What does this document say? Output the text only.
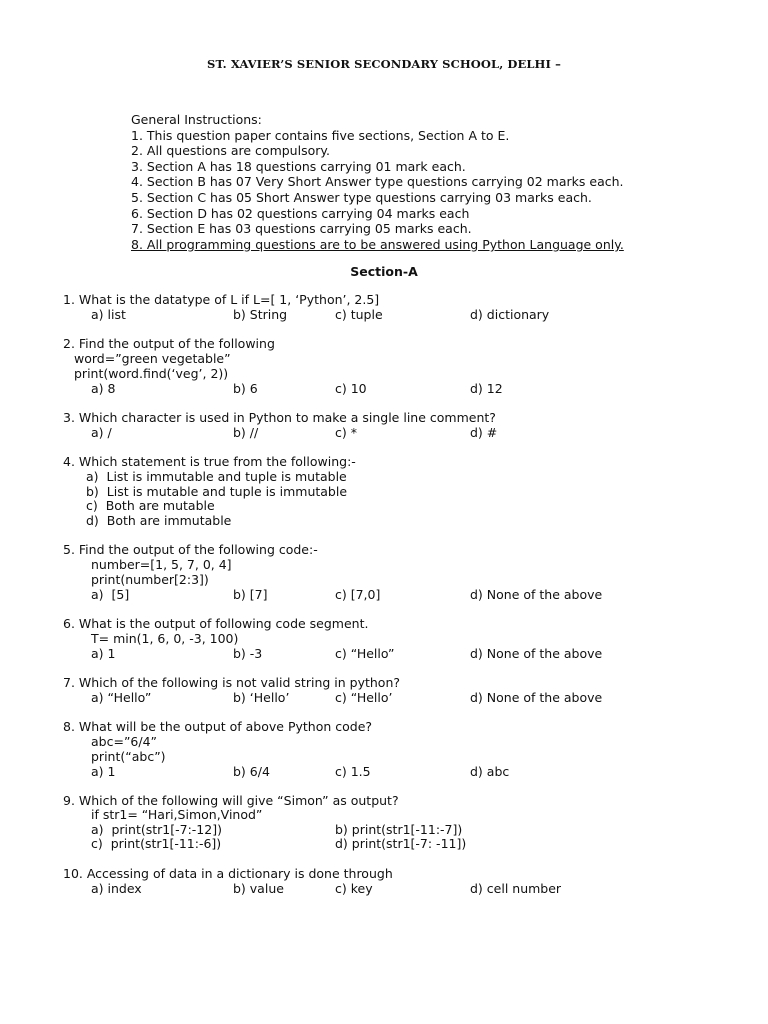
ST. XAVIER’S SENIOR SECONDARY SCHOOL, DELHI –
General Instructions:
1. This question paper contains five sections, Section A to E.
2. All questions are compulsory.
3. Section A has 18 questions carrying 01 mark each.
4. Section B has 07 Very Short Answer type questions carrying 02 marks each.
5. Section C has 05 Short Answer type questions carrying 03 marks each.
6. Section D has 02 questions carrying 04 marks each
7. Section E has 03 questions carrying 05 marks each.
8. All programming questions are to be answered using Python Language only.
Section-A
1. What is the datatype of L if L=[ 1, ‘Python’, 2.5]
a) list	b) String	c) tuple	d) dictionary
2. Find the output of the following
word=”green vegetable”
print(word.find(‘veg’, 2))
a) 8	b) 6	c) 10	d) 12
3. Which character is used in Python to make a single line comment?
a) /	b) //	c) *	d) #
4. Which statement is true from the following:-
a)  List is immutable and tuple is mutable
b)  List is mutable and tuple is immutable
c)  Both are mutable
d)  Both are immutable
5. Find the output of the following code:-
number=[1, 5, 7, 0, 4]
print(number[2:3])
a)  [5]	b) [7]	c) [7,0]	d) None of the above
6. What is the output of following code segment.
T= min(1, 6, 0, -3, 100)
a) 1	b) -3	c) “Hello”	d) None of the above
7. Which of the following is not valid string in python?
a) “Hello”	b) ‘Hello’	c) “Hello’	d) None of the above
8. What will be the output of above Python code?
abc=”6/4”
print(“abc”)
a) 1	b) 6/4	c) 1.5	d) abc
9. Which of the following will give “Simon” as output?
if str1= “Hari,Simon,Vinod”
a)  print(str1[-7:-12])	b) print(str1[-11:-7])
c)  print(str1[-11:-6])	d) print(str1[-7: -11])
10. Accessing of data in a dictionary is done through
a) index	b) value	c) key	d) cell number
